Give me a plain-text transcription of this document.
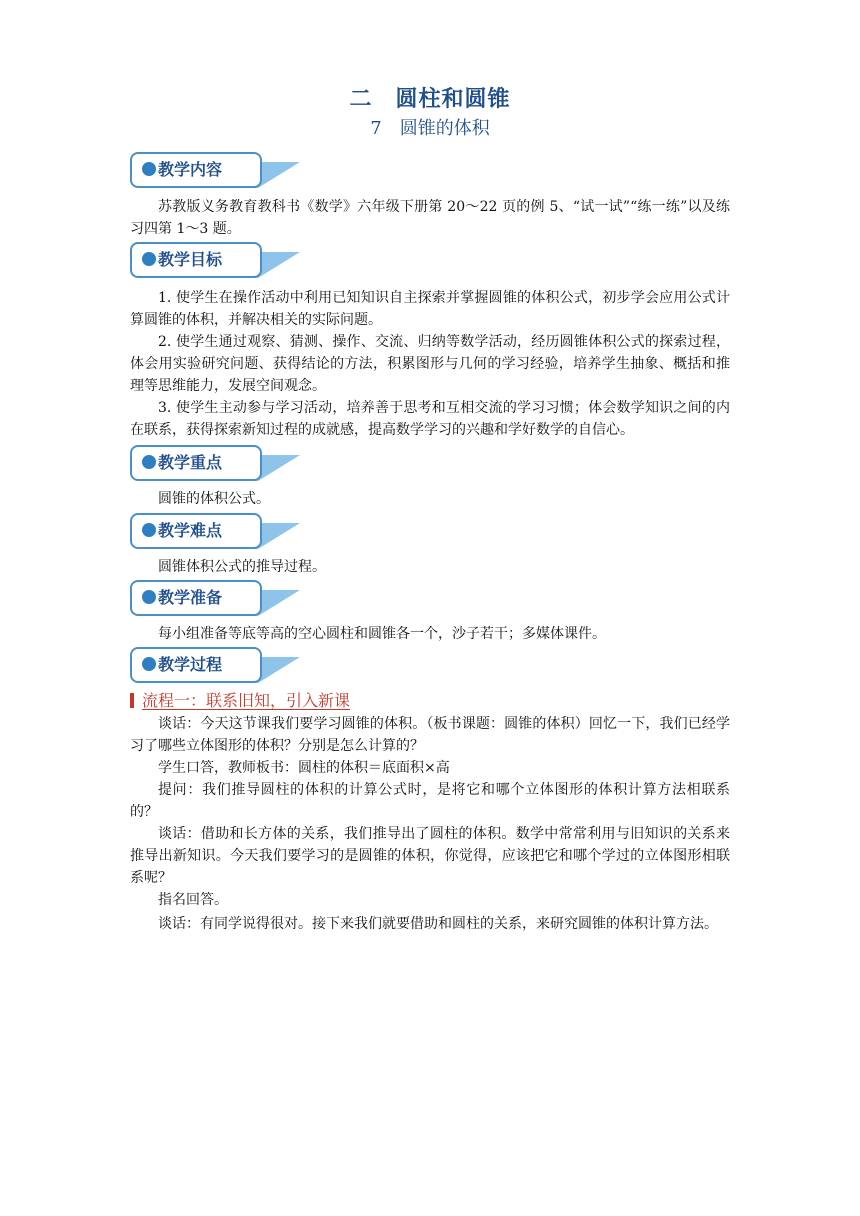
二　圆柱和圆锥
7　圆锥的体积
教学内容

苏教版义务教育教科书《数学》六年级下册第 20～22 页的例 5、“试一试”“练一练”以及练习四第 1～3 题。

教学目标

1. 使学生在操作活动中利用已知知识自主探索并掌握圆锥的体积公式，初步学会应用公式计算圆锥的体积，并解决相关的实际问题。

2. 使学生通过观察、猜测、操作、交流、归纳等数学活动，经历圆锥体积公式的探索过程，体会用实验研究问题、获得结论的方法，积累图形与几何的学习经验，培养学生抽象、概括和推理等思维能力，发展空间观念。

3. 使学生主动参与学习活动，培养善于思考和互相交流的学习习惯；体会数学知识之间的内在联系，获得探索新知过程的成就感，提高数学学习的兴趣和学好数学的自信心。

教学重点

圆锥的体积公式。

教学难点

圆锥体积公式的推导过程。

教学准备

每小组准备等底等高的空心圆柱和圆锥各一个，沙子若干；多媒体课件。

教学过程
流程一：联系旧知，引入新课

谈话：今天这节课我们要学习圆锥的体积。（板书课题：圆锥的体积）回忆一下，我们已经学习了哪些立体图形的体积？分别是怎么计算的？

学生口答，教师板书：圆柱的体积＝底面积×高

提问：我们推导圆柱的体积的计算公式时，是将它和哪个立体图形的体积计算方法相联系的？

谈话：借助和长方体的关系，我们推导出了圆柱的体积。数学中常常利用与旧知识的关系来推导出新知识。今天我们要学习的是圆锥的体积，你觉得，应该把它和哪个学过的立体图形相联系呢？

指名回答。

谈话：有同学说得很对。接下来我们就要借助和圆柱的关系，来研究圆锥的体积计算方法。
